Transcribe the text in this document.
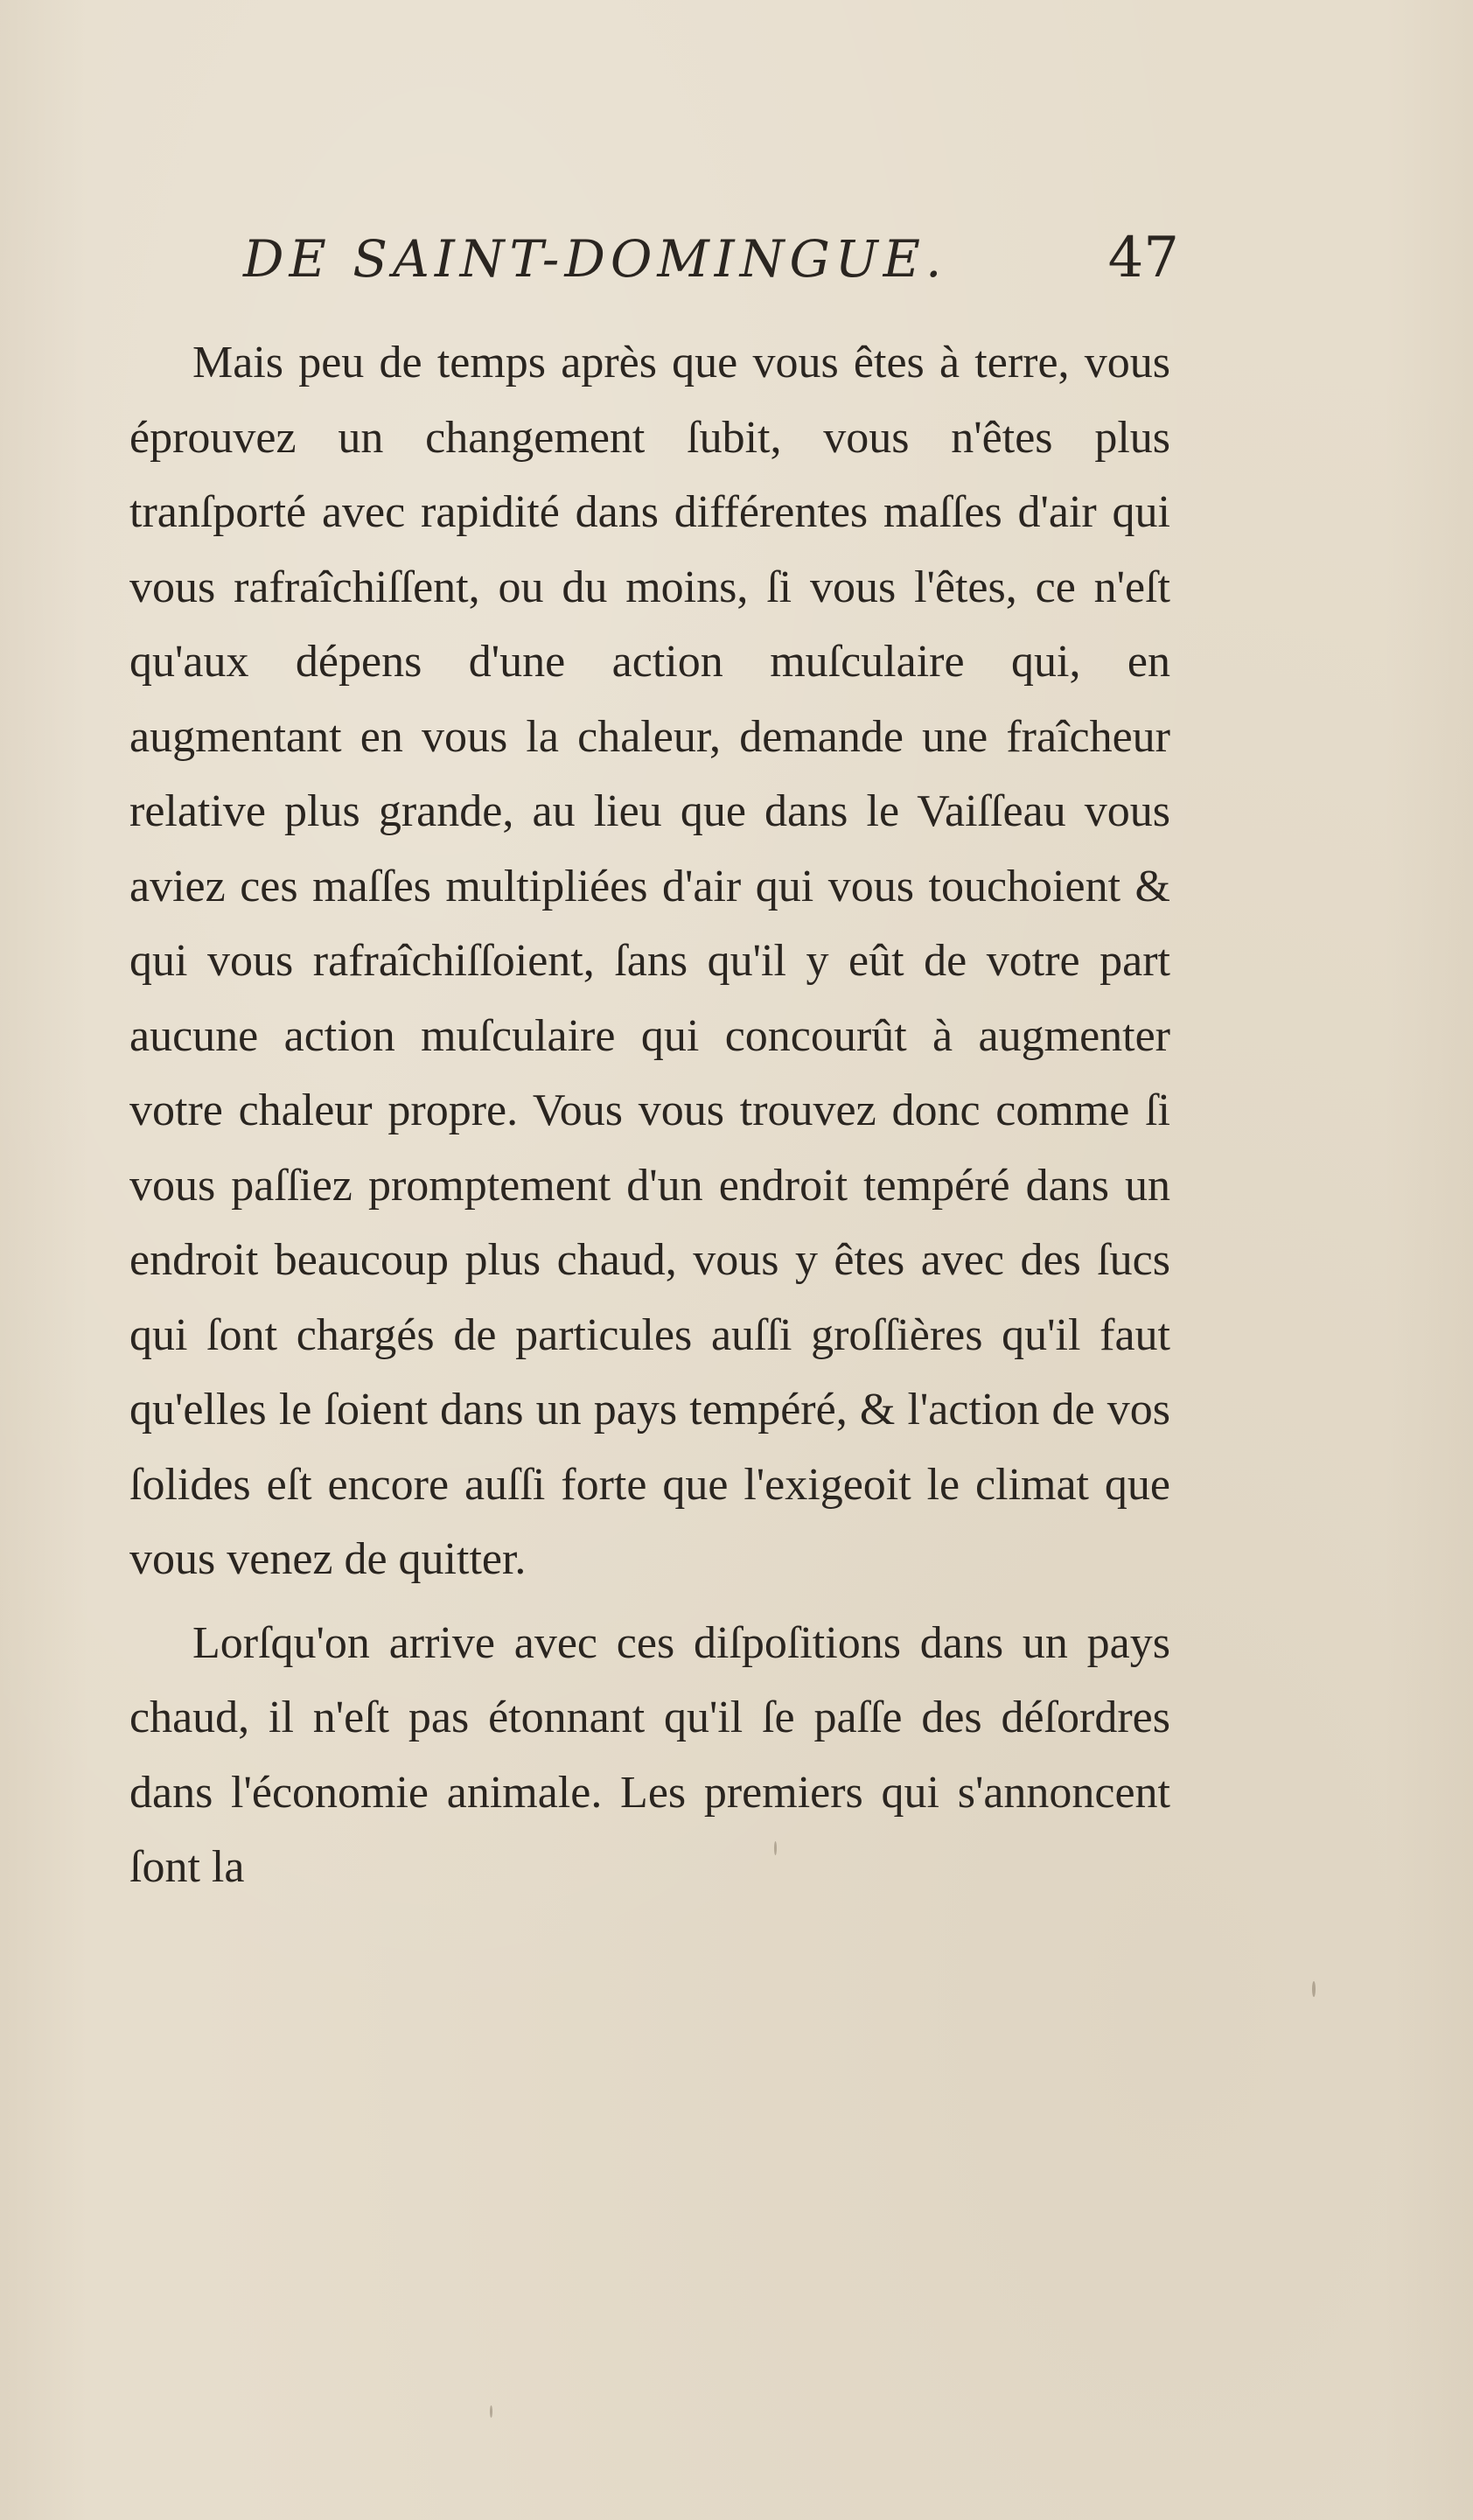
DE SAINT-DOMINGUE.	47

Mais peu de temps après que vous êtes à terre, vous éprouvez un changement ſubit, vous n'êtes plus tranſporté avec rapidité dans différentes maſſes d'air qui vous rafraîchiſſent, ou du moins, ſi vous l'êtes, ce n'eſt qu'aux dépens d'une action muſculaire qui, en augmentant en vous la chaleur, demande une fraîcheur relative plus grande, au lieu que dans le Vaiſſeau vous aviez ces maſſes multipliées d'air qui vous touchoient & qui vous rafraîchiſſoient, ſans qu'il y eût de votre part aucune action muſculaire qui concourût à augmenter votre chaleur propre. Vous vous trouvez donc comme ſi vous paſſiez promptement d'un endroit tempéré dans un endroit beaucoup plus chaud, vous y êtes avec des ſucs qui ſont chargés de particules auſſi groſſières qu'il faut qu'elles le ſoient dans un pays tempéré, & l'action de vos ſolides eſt encore auſſi forte que l'exigeoit le climat que vous venez de quitter.

Lorſqu'on arrive avec ces diſpoſitions dans un pays chaud, il n'eſt pas étonnant qu'il ſe paſſe des déſordres dans l'économie animale. Les premiers qui s'annoncent ſont la
